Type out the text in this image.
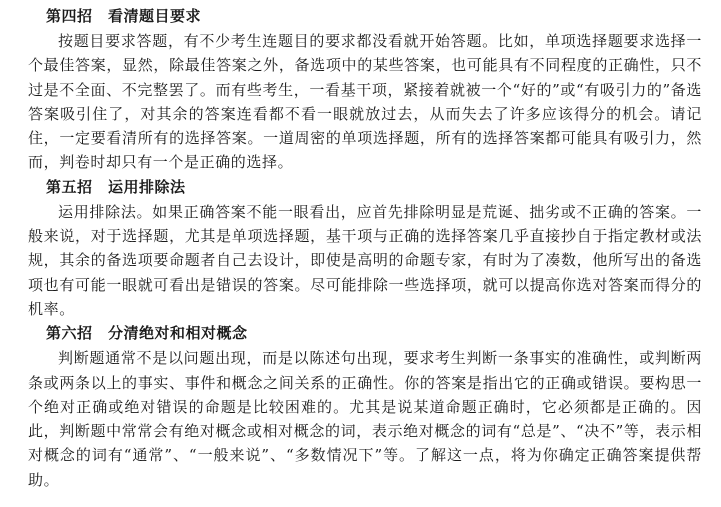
第四招　看清题目要求

按题目要求答题，有不少考生连题目的要求都没看就开始答题。比如，单项选择题要求选择一个最佳答案，显然，除最佳答案之外，备选项中的某些答案，也可能具有不同程度的正确性，只不过是不全面、不完整罢了。而有些考生，一看基干项，紧接着就被一个“好的”或“有吸引力的”备选答案吸引住了，对其余的答案连看都不看一眼就放过去，从而失去了许多应该得分的机会。请记住，一定要看清所有的选择答案。一道周密的单项选择题，所有的选择答案都可能具有吸引力，然而，判卷时却只有一个是正确的选择。

第五招　运用排除法

运用排除法。如果正确答案不能一眼看出，应首先排除明显是荒诞、拙劣或不正确的答案。一般来说，对于选择题，尤其是单项选择题，基干项与正确的选择答案几乎直接抄自于指定教材或法规，其余的备选项要命题者自己去设计，即使是高明的命题专家，有时为了凑数，他所写出的备选项也有可能一眼就可看出是错误的答案。尽可能排除一些选择项，就可以提高你选对答案而得分的机率。

第六招　分清绝对和相对概念

判断题通常不是以问题出现，而是以陈述句出现，要求考生判断一条事实的准确性，或判断两条或两条以上的事实、事件和概念之间关系的正确性。你的答案是指出它的正确或错误。要构思一个绝对正确或绝对错误的命题是比较困难的。尤其是说某道命题正确时，它必须都是正确的。因此，判断题中常常会有绝对概念或相对概念的词，表示绝对概念的词有“总是”、“决不”等，表示相对概念的词有“通常”、“一般来说”、“多数情况下”等。了解这一点，将为你确定正确答案提供帮助。
